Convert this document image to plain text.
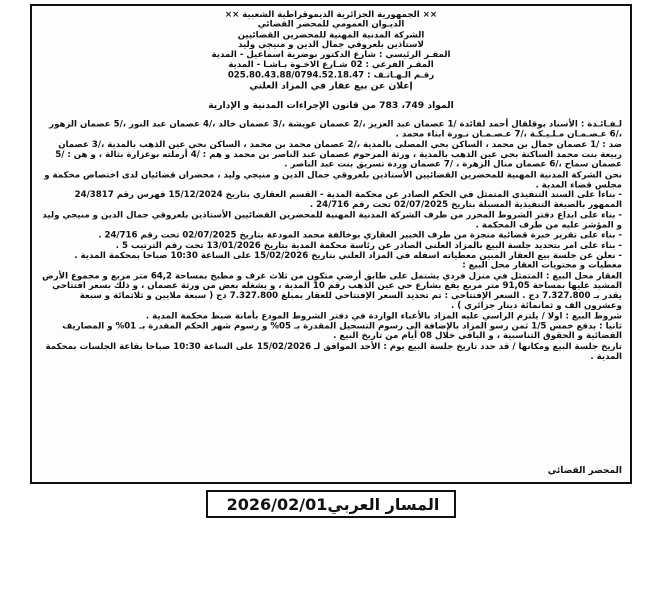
×× الجمهورية الجزائرية الديموقراطية الشعبية ××

الديـوان العمومي للمحضر القضائي

الشركة المدنية المهنية للمحضرين القضائيين

لاستاذين بلعروقي جمال الدين و منيجي وليد

المقـر الرئيسي : شارع الدكتور بوضرية اسماعيل - المدية

المقـر الفرعي : 02 شـارع الاخـوة بـاشـا - المدية

رقـم الـهـاتـف : 025.80.43.88/0794.52.18.47

إعلان عن بيع عقار في المزاد العلني

المواد 749، 783 من قانون الإجراءات المدنية و الإدارية

لـفـائـدة : الأسناد بوقلقال أحمد لفائدة /1 عصمان عبد العزيز ،/2 عصمان عويشة ،/3 عصمان خالد ،/4 عصمان عبد النور ،/5 عصمان الزهور ،/6 عـصـمـان مـلـيـكـة ،/7 عـصـمـان نـورة ابناء محمد .

ضد : /1 عصمان جمال بن محمد ، الساكن بحي المصلى بالمدية ،/2 عصمان محمد بن محمد ، الساكن بحي عين الذهب بالمدية ،/3 عصمان ربيعة بنت محمد الساكنة بحي عين الذهب بالمدية ، ورثة المرحوم عصمان عبد الناصر بن محمد و هم : /4 أرملته بوعزارة بثالة ، و هن : /5 عصمان سماح ،/6 عصمان منال الزهرة ، /7 عصمان وردة تسريق بنت عبد الناصر .

نحن الشركة المدنية المهنية للمحضرين القضائيين الأستاذين بلعروقي جمال الدين و منيجي وليد ، محضران قضائيان لدى اختصاص محكمة و مجلس قضاء المدية .

- بناءا على السند التنفيذي المتمثل في الحكم الصادر عن محكمة المدية - القسم العقاري بتاريخ 15/12/2024 فهرس رقم 24/3817 الممهور بالصيغة التنفيذية المسبلة بتاريخ 02/07/2025 تحت رقم 24/716 .

- بناء على ايداع دفتر الشروط المحرر من طرف الشركة المدنية المهنية للمحضرين القضائيين الأستاذين بلعروقي جمال الدين و منيجي وليد و المؤشر عليه من طرف المحكمة .

- بناء على تقرير خبرة قضائية منجزة من طرف الخبير العقاري بوخالفة محمد المودعة بتاريخ 02/07/2025 تحت رقم 24/716 .

- بناء على امر بتحديد جلسة البيع بالمزاد العلني الصادر عن رئاسة محكمة المدية بتاريخ 13/01/2026 تحت رقم الترتيب 5 .

- نعلن عن جلسة بيع العقار المبين معطياته اسفله في المزاد العلني بتاريخ 15/02/2026 على الساعة 10:30 صباحا بمحكمة المدية .

معطيات و محتويات العقار محل البيع :

العقار محل البيع : المتمثل في منزل فردي يشتمل على طابق أرضي متكون من ثلاث غرف و مطبخ بمساحة 64,2 متر مربع و مجموع الأرض المشيد عليها بمساحة 91,05 متر مربع يقع بشارع حي عين الذهب رقم 10 المدية ، و يشغله بعض من ورثة عصمان ، و ذلك بسعر افتتاحي يقدر بـ 7.327.800 دج . السعر الإفتتاحي : تم تحديد السعر الإفتتاحي للعقار بمبلغ 7.327.800 دج ( سبعة ملايين و ثلاثمائة و سبعة وعشرون الف و ثمانمائة دينار جزائري ) .

شروط البيع : اولا / يلتزم الراسي عليه المزاد بالأعباء الواردة في دفتر الشروط المودع بأمانة ضبط محكمة المدية .

ثانيا : يدفع خمس 1/5 ثمن رسو المزاد بالإضافة الى رسوم التسجيل المقدرة بـ 05% و رسوم شهر الحكم المقدرة بـ 01% و المصاريف القضائية و الحقوق التناسبية ، و الباقي خلال 08 أيام من تاريخ البيع .

تاريخ جلسة البيع ومكانها / قد حدد تاريخ جلسة البيع يوم : الأحد الموافق لـ 15/02/2026 على الساعة 10:30 صباحا بقاعة الجلسات بمحكمة المدية .

المحضر القضائي
المسار العربي
2026/02/01
